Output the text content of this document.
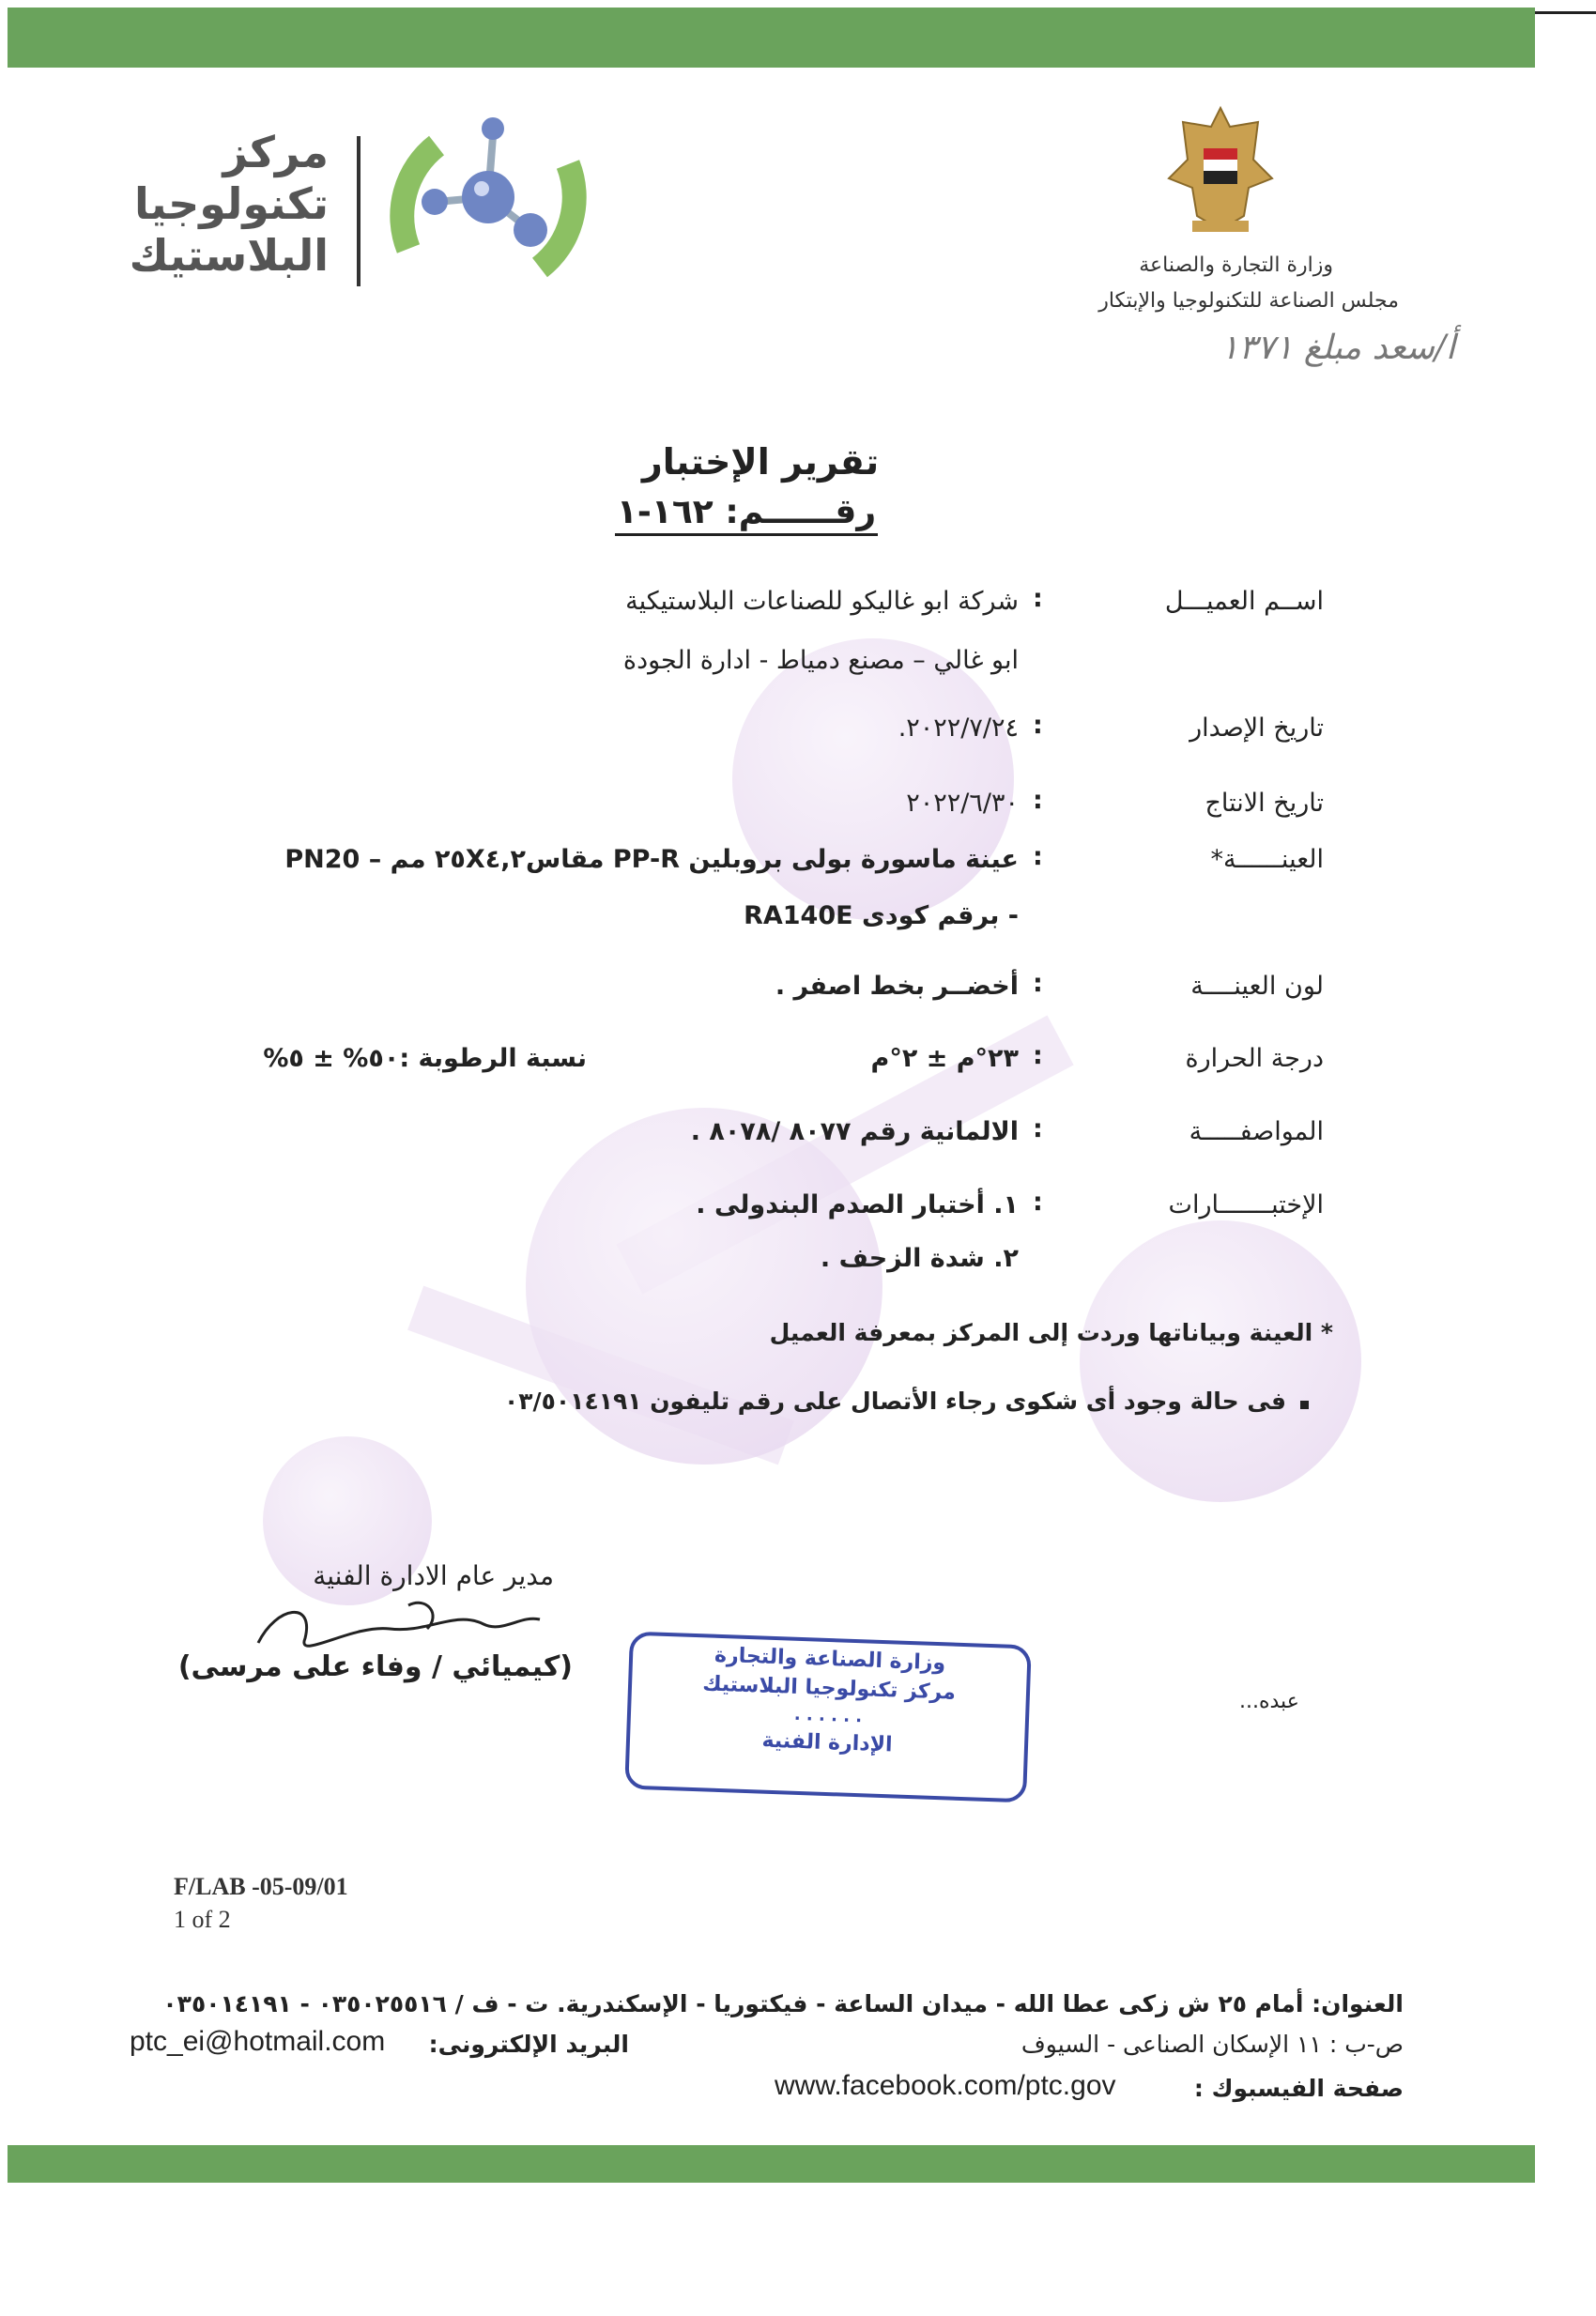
مركز
تكنولوجيا
البلاستيك	وزارة التجارة والصناعة
مجلس الصناعة للتكنولوجيا والإبتكار
أ/سعد مبلغ ١٣٧١
تقرير الإختبار
رقــــــم: ١٦٢-١
اســم العميـــل
:
شركة ابو غاليكو للصناعات البلاستيكية
ابو غالي – مصنع دمياط - ادارة الجودة
تاريخ الإصدار
:
٢٠٢٢/٧/٢٤.
تاريخ الانتاج
:
٢٠٢٢/٦/٣٠
العينــــــة*
:
عينة ماسورة بولى بروبلين PP-R مقاس٢٥X٤,٢ مم – PN20
- برقم كودى RA140E
لون العينــــة
:
أخضــر بخط اصفر .
درجة الحرارة
:
٢٣°م ± ٢°م
نسبة الرطوبة :٥٠% ± ٥%
المواصفـــــة
:
الالمانية رقم ٨٠٧٧ /٨٠٧٨ .
الإختبـــــــارات
:
١. أختبار الصدم البندولى .
٢. شدة الزحف .
* العينة وبياناتها وردت إلى المركز بمعرفة العميل
فى حالة وجود أى شكوى رجاء الأتصال على رقم تليفون ٠٣/٥٠١٤١٩١
مدير عام الادارة الفنية
(كيميائي / وفاء على مرسى)	وزارة الصناعة والتجارة
مركز تكنولوجيا البلاستيك
. . . . . .
الإدارة الفنية
عبده...
F/LAB -05-09/01
1 of 2
العنوان: أمام ٢٥ ش زكى عطا الله - ميدان الساعة - فيكتوريا - الإسكندرية. ت - ف / ٠٣٥٠٢٥٥١٦ - ٠٣٥٠١٤١٩١
ص-ب : ١١ الإسكان الصناعى - السيوف
البريد الإلكترونى:
ptc_ei@hotmail.com
صفحة الفيسبوك :
www.facebook.com/ptc.gov
